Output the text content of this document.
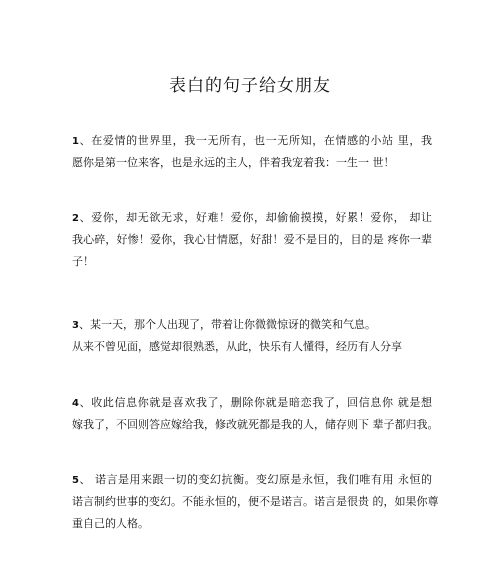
表白的句子给女朋友
1、在爱情的世界里，我一无所有，也一无所知，在情感的小站 里，我
愿你是第一位来客，也是永远的主人，伴着我宠着我：一生一 世！
2、爱你，却无欲无求，好难！爱你，却偷偷摸摸，好累！爱你， 却让
我心碎，好惨！爱你，我心甘情愿，好甜！爱不是目的，目的是 疼你一辈
子！
3、某一天，那个人出现了，带着让你微微惊讶的微笑和气息。
从来不曾见面，感觉却很熟悉，从此，快乐有人懂得，经历有人分享
4、收此信息你就是喜欢我了，删除你就是暗恋我了，回信息你 就是想
嫁我了，不回则答应嫁给我，修改就死都是我的人，储存则下 辈子都归我。
5、 诺言是用来跟一切的变幻抗衡。变幻原是永恒，我们唯有用 永恒的
诺言制约世事的变幻。不能永恒的，便不是诺言。诺言是很贵 的，如果你尊
重自己的人格。
